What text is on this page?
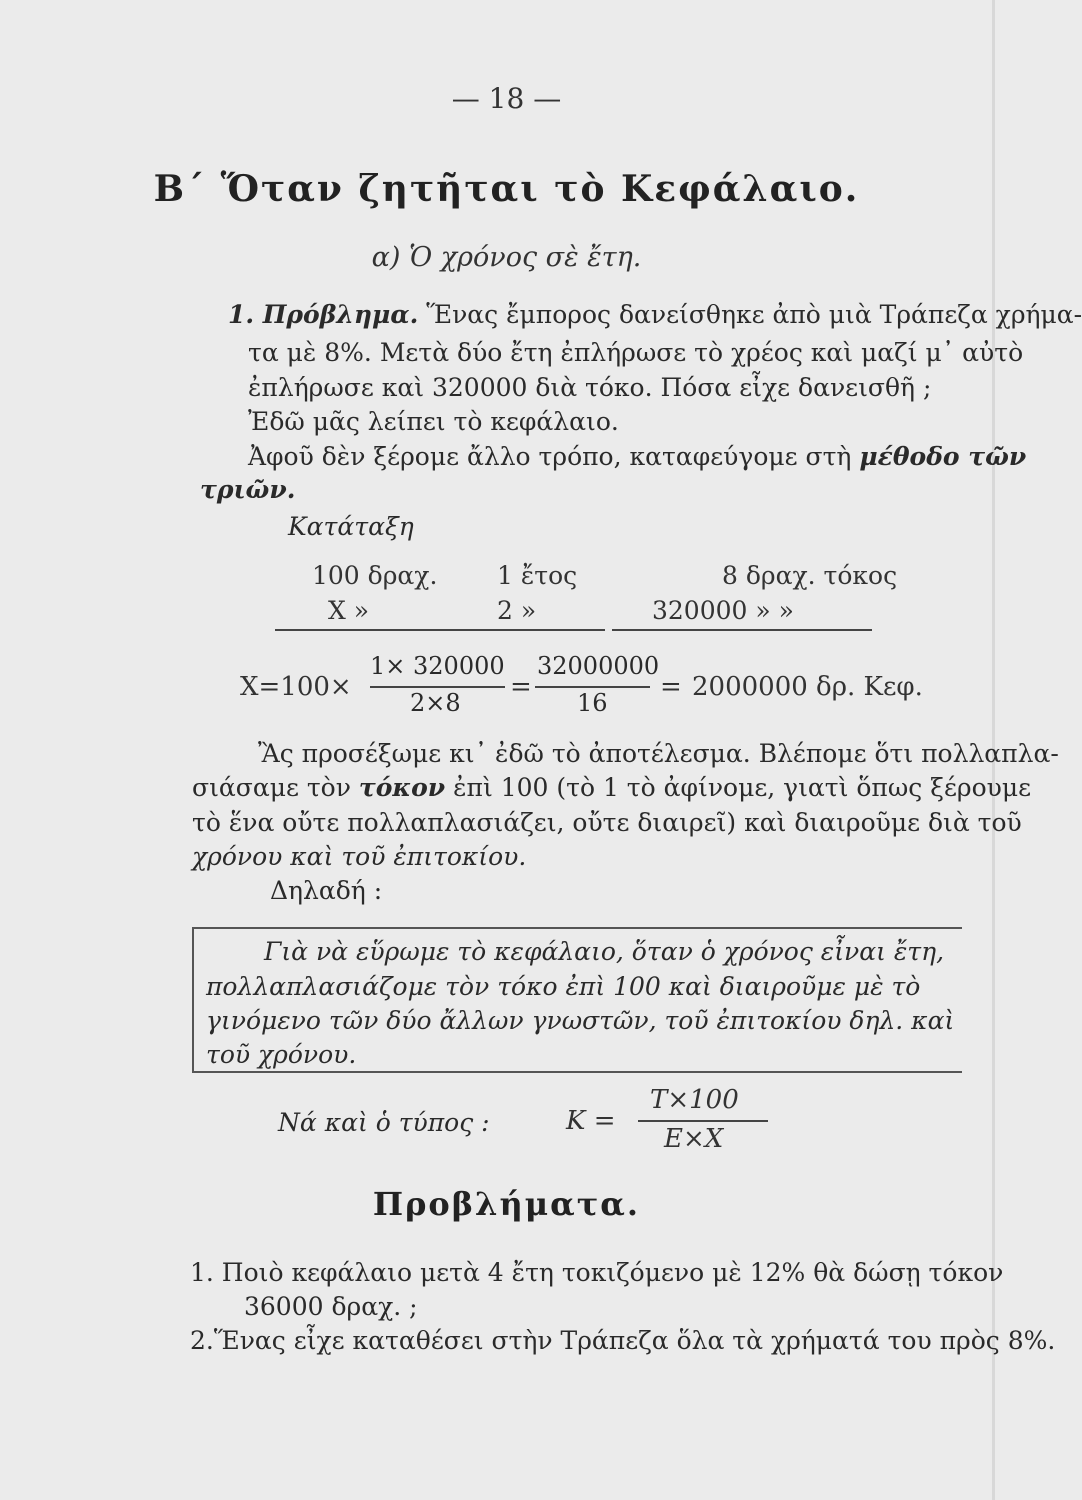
— 18 —
Β΄ Ὅταν ζητῆται τὸ Κεφάλαιο.
α) Ὁ χρόνος σὲ ἔτη.
1. Πρόβλημα. Ἕνας ἔμπορος δανείσθηκε ἀπὸ μιὰ Τράπεζα χρήμα-
τα μὲ 8%. Μετὰ δύο ἔτη ἐπλήρωσε τὸ χρέος καὶ μαζί μ᾽ αὐτὸ
ἐπλήρωσε καὶ 320000 διὰ τόκο. Πόσα εἶχε δανεισθῆ ;
Ἐδῶ μᾶς λείπει τὸ κεφάλαιο.
Ἀφοῦ δὲν ξέρομε ἄλλο τρόπο, καταφεύγομε στὴ μέθοδο τῶν
τριῶν.
Κατάταξη
100 δραχ. 1 ἔτος	8 δραχ. τόκος
Χ »	2 »	320000 » »
Χ=100×
1× 320000
2×8
=
32000000
16
= 2000000 δρ. Κεφ.
Ἂς προσέξωμε κι᾽ ἐδῶ τὸ ἀποτέλεσμα. Βλέπομε ὅτι πολλαπλα-
σιάσαμε τὸν τόκον ἐπὶ 100 (τὸ 1 τὸ ἀφίνομε, γιατὶ ὅπως ξέρουμε
τὸ ἕνα οὔτε πολλαπλασιάζει, οὔτε διαιρεῖ) καὶ διαιροῦμε διὰ τοῦ
χρόνου καὶ τοῦ ἐπιτοκίου.
Δηλαδή :
Γιὰ νὰ εὕρωμε τὸ κεφάλαιο, ὅταν ὁ χρόνος εἶναι ἔτη,
πολλαπλασιάζομε τὸν τόκο ἐπὶ 100 καὶ διαιροῦμε μὲ τὸ
γινόμενο τῶν δύο ἄλλων γνωστῶν, τοῦ ἐπιτοκίου δηλ. καὶ
τοῦ χρόνου.
Νά καὶ ὁ τύπος :	Κ =
Τ×100
Ε×Χ
Προβλήματα.
1. Ποιὸ κεφάλαιο μετὰ 4 ἔτη τοκιζόμενο μὲ 12% θὰ δώσῃ τόκον
36000 δραχ. ;
2.Ἕνας εἶχε καταθέσει στὴν Τράπεζα ὅλα τὰ χρήματά του πρὸς 8%.
